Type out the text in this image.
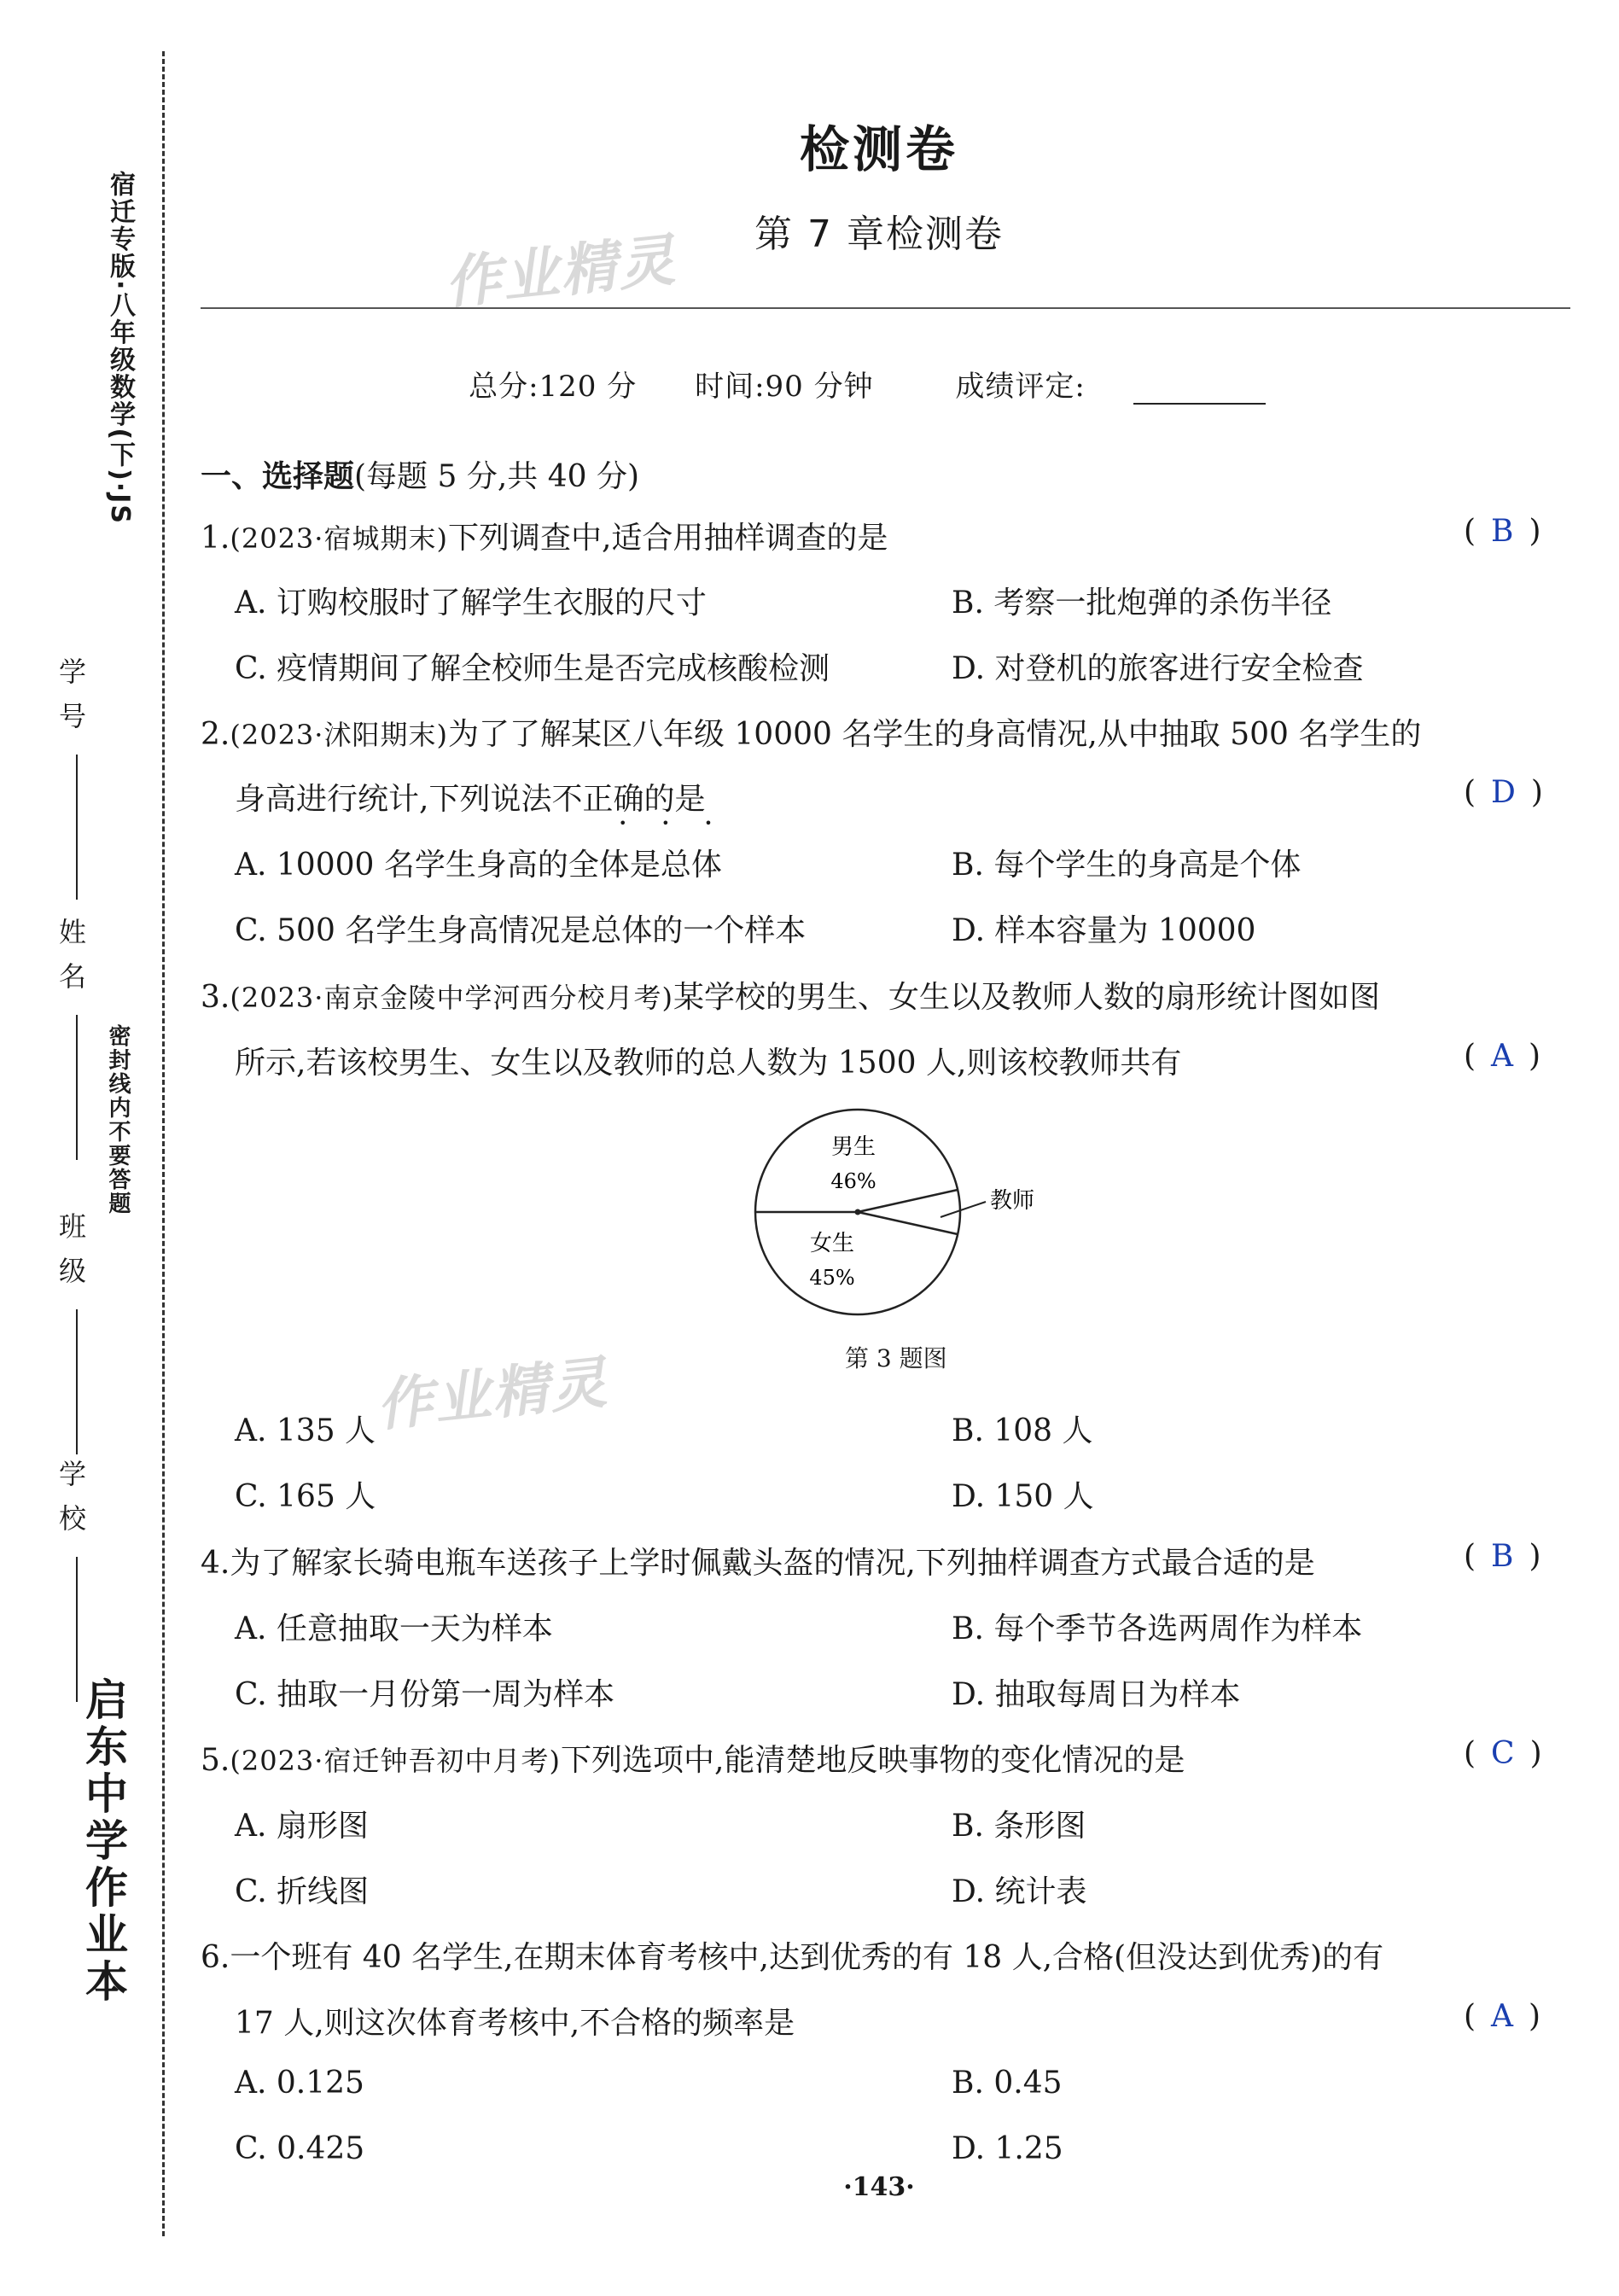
宿迁专版·八年级数学(下)·JS
密封线内不要答题
启东中学作业本
学号
姓名
班级
学校
检测卷
第 7 章检测卷
作业精灵
总分:120 分 时间:90 分钟	成绩评定:
一、选择题(每题 5 分,共 40 分)
1.(2023·宿城期末)下列调查中,适合用抽样调查的是	( B )
A. 订购校服时了解学生衣服的尺寸	B. 考察一批炮弹的杀伤半径
C. 疫情期间了解全校师生是否完成核酸检测	D. 对登机的旅客进行安全检查
2.(2023·沭阳期末)为了了解某区八年级 10000 名学生的身高情况,从中抽取 500 名学生的
身高进行统计,下列说法不正确的是
•        •        •
( D )
A. 10000 名学生身高的全体是总体	B. 每个学生的身高是个体
C. 500 名学生身高情况是总体的一个样本	D. 样本容量为 10000
3.(2023·南京金陵中学河西分校月考)某学校的男生、女生以及教师人数的扇形统计图如图
所示,若该校男生、女生以及教师的总人数为 1500 人,则该校教师共有	( A )
男生
46%
女生
45%
教师
第 3 题图
作业精灵
A. 135 人	B. 108 人
C. 165 人	D. 150 人
4.为了解家长骑电瓶车送孩子上学时佩戴头盔的情况,下列抽样调查方式最合适的是	( B )
A. 任意抽取一天为样本	B. 每个季节各选两周作为样本
C. 抽取一月份第一周为样本	D. 抽取每周日为样本
5.(2023·宿迁钟吾初中月考)下列选项中,能清楚地反映事物的变化情况的是	( C )
A. 扇形图	B. 条形图
C. 折线图	D. 统计表
6.一个班有 40 名学生,在期末体育考核中,达到优秀的有 18 人,合格(但没达到优秀)的有
17 人,则这次体育考核中,不合格的频率是	( A )
A. 0.125	B. 0.45
C. 0.425	D. 1.25
·143·
